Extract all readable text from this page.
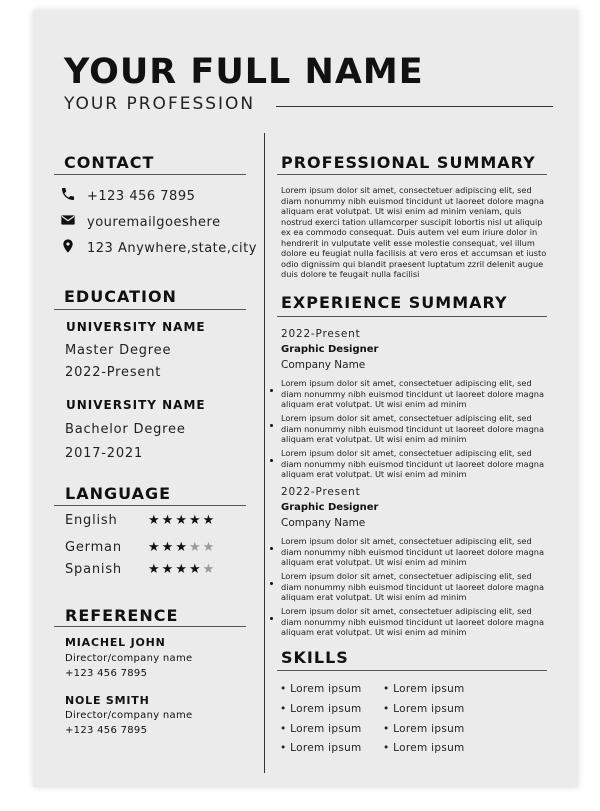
YOUR FULL NAME
YOUR PROFESSION
CONTACT
+123 456 7895
youremailgoeshere
123 Anywhere,state,city
EDUCATION
UNIVERSITY NAME
Master Degree
2022-Present
UNIVERSITY NAME
Bachelor Degree
2017-2021
LANGUAGE
English ★★★★★
German ★★★★★
Spanish ★★★★★
REFERENCE
MIACHEL JOHN
Director/company name
+123 456 7895
NOLE SMITH
Director/company name
+123 456 7895
PROFESSIONAL SUMMARY
Lorem ipsum dolor sit amet, consectetuer adipiscing elit, sed diam nonummy nibh euismod tincidunt ut laoreet dolore magna aliquam erat volutpat. Ut wisi enim ad minim veniam, quis nostrud exerci tation ullamcorper suscipit lobortis nisl ut aliquip ex ea commodo consequat. Duis autem vel eum iriure dolor in hendrerit in vulputate velit esse molestie consequat, vel illum dolore eu feugiat nulla facilisis at vero eros et accumsan et iusto odio dignissim qui blandit praesent luptatum zzril delenit augue duis dolore te feugait nulla facilisi
EXPERIENCE SUMMARY
2022-Present
Graphic Designer
Company Name
Lorem ipsum dolor sit amet, consectetuer adipiscing elit, sed diam nonummy nibh euismod tincidunt ut laoreet dolore magna aliquam erat volutpat. Ut wisi enim ad minim
Lorem ipsum dolor sit amet, consectetuer adipiscing elit, sed diam nonummy nibh euismod tincidunt ut laoreet dolore magna aliquam erat volutpat. Ut wisi enim ad minim
Lorem ipsum dolor sit amet, consectetuer adipiscing elit, sed diam nonummy nibh euismod tincidunt ut laoreet dolore magna aliquam erat volutpat. Ut wisi enim ad minim
2022-Present
Graphic Designer
Company Name
Lorem ipsum dolor sit amet, consectetuer adipiscing elit, sed diam nonummy nibh euismod tincidunt ut laoreet dolore magna aliquam erat volutpat. Ut wisi enim ad minim
Lorem ipsum dolor sit amet, consectetuer adipiscing elit, sed diam nonummy nibh euismod tincidunt ut laoreet dolore magna aliquam erat volutpat. Ut wisi enim ad minim
Lorem ipsum dolor sit amet, consectetuer adipiscing elit, sed diam nonummy nibh euismod tincidunt ut laoreet dolore magna aliquam erat volutpat. Ut wisi enim ad minim
SKILLS
• Lorem ipsum • Lorem ipsum
• Lorem ipsum • Lorem ipsum
• Lorem ipsum • Lorem ipsum
• Lorem ipsum • Lorem ipsum
